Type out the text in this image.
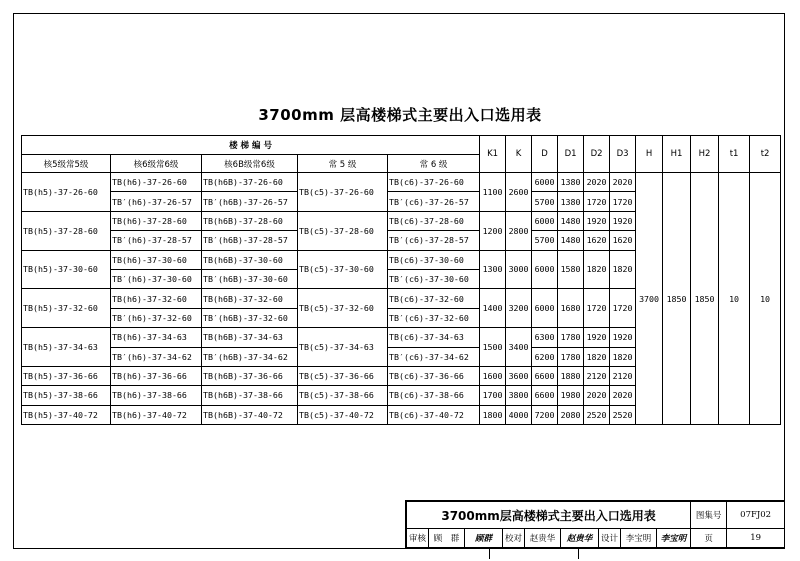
3700mm 层高楼梯式主要出入口选用表
楼 梯 编 号					K1	K	D	D1	D2	D3	H	H1	H2	t1	t2
核5级常5级	核6级常6级	核6B级常6级	常 5 级	常 6 级											
TB(h5)-37-26-60	TB(h6)-37-26-60	TB(h6B)-37-26-60	TB(c5)-37-26-60	TB(c6)-37-26-60	1100	2600	6000	1380	2020	2020	3700	1850	1850	10	10
	TB′(h6)-37-26-57	TB′(h6B)-37-26-57		TB′(c6)-37-26-57			5700	1380	1720	1720					
TB(h5)-37-28-60	TB(h6)-37-28-60	TB(h6B)-37-28-60	TB(c5)-37-28-60	TB(c6)-37-28-60	1200	2800	6000	1480	1920	1920					
	TB′(h6)-37-28-57	TB′(h6B)-37-28-57		TB′(c6)-37-28-57			5700	1480	1620	1620					
TB(h5)-37-30-60	TB(h6)-37-30-60	TB(h6B)-37-30-60	TB(c5)-37-30-60	TB(c6)-37-30-60	1300	3000	6000	1580	1820	1820					
	TB′(h6)-37-30-60	TB′(h6B)-37-30-60		TB′(c6)-37-30-60											
TB(h5)-37-32-60	TB(h6)-37-32-60	TB(h6B)-37-32-60	TB(c5)-37-32-60	TB(c6)-37-32-60	1400	3200	6000	1680	1720	1720					
	TB′(h6)-37-32-60	TB′(h6B)-37-32-60		TB′(c6)-37-32-60											
TB(h5)-37-34-63	TB(h6)-37-34-63	TB(h6B)-37-34-63	TB(c5)-37-34-63	TB(c6)-37-34-63	1500	3400	6300	1780	1920	1920					
	TB′(h6)-37-34-62	TB′(h6B)-37-34-62		TB′(c6)-37-34-62			6200	1780	1820	1820					
TB(h5)-37-36-66	TB(h6)-37-36-66	TB(h6B)-37-36-66	TB(c5)-37-36-66	TB(c6)-37-36-66	1600	3600	6600	1880	2120	2120					
TB(h5)-37-38-66	TB(h6)-37-38-66	TB(h6B)-37-38-66	TB(c5)-37-38-66	TB(c6)-37-38-66	1700	3800	6600	1980	2020	2020					
TB(h5)-37-40-72	TB(h6)-37-40-72	TB(h6B)-37-40-72	TB(c5)-37-40-72	TB(c6)-37-40-72	1800	4000	7200	2080	2520	2520					
3700mm层高楼梯式主要出入口选用表									图集号	07FJ02
审核	顾　群	顾群	校对	赵贵华	赵贵华	设计	李宝明	李宝明	页	19
